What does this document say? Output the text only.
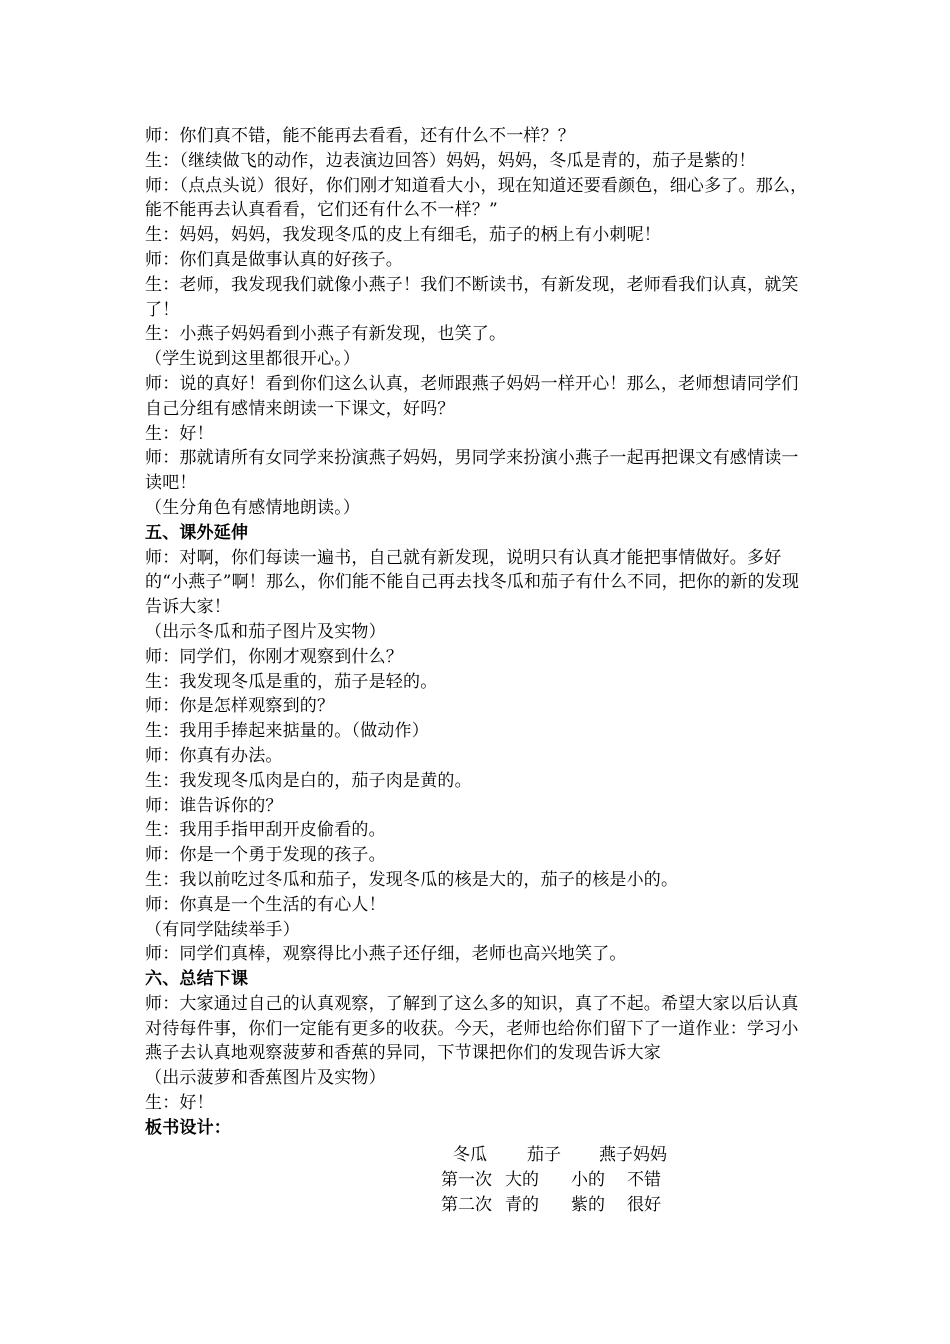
师：你们真不错，能不能再去看看，还有什么不一样？？

生：（继续做飞的动作，边表演边回答）妈妈，妈妈，冬瓜是青的，茄子是紫的！

师：（点点头说）很好，你们刚才知道看大小，现在知道还要看颜色，细心多了。那么，能不能再去认真看看，它们还有什么不一样？”

生：妈妈，妈妈，我发现冬瓜的皮上有细毛，茄子的柄上有小刺呢！

师：你们真是做事认真的好孩子。

生：老师，我发现我们就像小燕子！我们不断读书，有新发现，老师看我们认真，就笑了！

生：小燕子妈妈看到小燕子有新发现，也笑了。

（学生说到这里都很开心。）

师：说的真好！看到你们这么认真，老师跟燕子妈妈一样开心！那么，老师想请同学们自己分组有感情来朗读一下课文，好吗？

生：好！

师：那就请所有女同学来扮演燕子妈妈，男同学来扮演小燕子一起再把课文有感情读一读吧！

（生分角色有感情地朗读。）

五、课外延伸

师：对啊，你们每读一遍书，自己就有新发现，说明只有认真才能把事情做好。多好的“小燕子”啊！那么，你们能不能自己再去找冬瓜和茄子有什么不同，把你的新的发现告诉大家！

（出示冬瓜和茄子图片及实物）

师：同学们，你刚才观察到什么？

生：我发现冬瓜是重的，茄子是轻的。

师：你是怎样观察到的？

生：我用手捧起来掂量的。（做动作）

师：你真有办法。

生：我发现冬瓜肉是白的，茄子肉是黄的。

师：谁告诉你的？

生：我用手指甲刮开皮偷看的。

师：你是一个勇于发现的孩子。

生：我以前吃过冬瓜和茄子，发现冬瓜的核是大的，茄子的核是小的。

师：你真是一个生活的有心人！

（有同学陆续举手）

师：同学们真棒，观察得比小燕子还仔细，老师也高兴地笑了。

六、总结下课

师：大家通过自己的认真观察，了解到了这么多的知识，真了不起。希望大家以后认真对待每件事，你们一定能有更多的收获。今天，老师也给你们留下了一道作业：学习小燕子去认真地观察菠萝和香蕉的异同，下节课把你们的发现告诉大家

（出示菠萝和香蕉图片及实物）

生：好！

板书设计：

冬瓜 茄子 燕子妈妈
第一次 大的 小的 不错
第二次 青的 紫的 很好
